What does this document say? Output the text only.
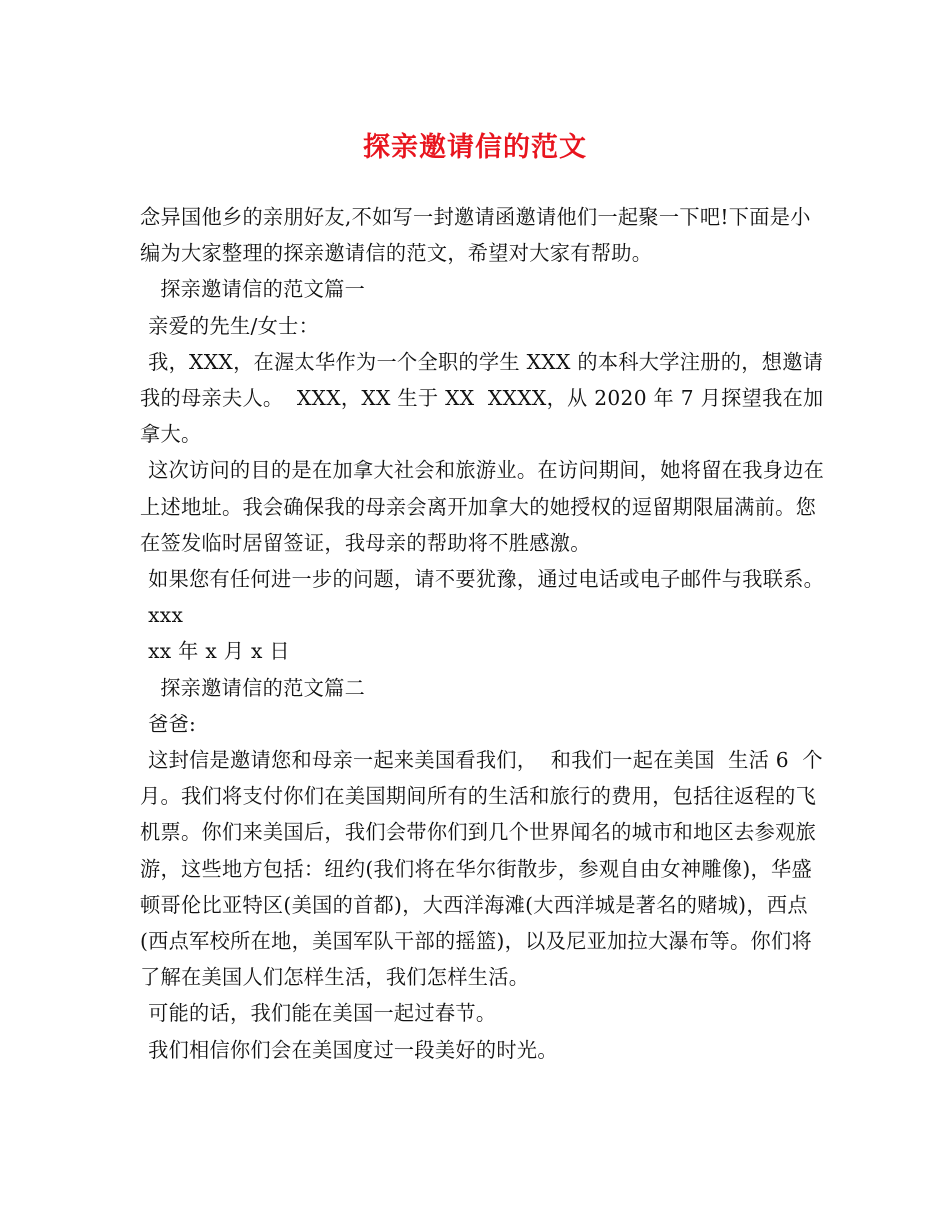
探亲邀请信的范文

念异国他乡的亲朋好友,不如写一封邀请函邀请他们一起聚一下吧!下面是小编为大家整理的探亲邀请信的范文，希望对大家有帮助。

探亲邀请信的范文篇一

亲爱的先生/女士：

我，XXX，在渥太华作为一个全职的学生 XXX 的本科大学注册的，想邀请我的母亲夫人。  XXX，XX 生于 XX  XXXX，从 2020 年 7 月探望我在加拿大。

这次访问的目的是在加拿大社会和旅游业。在访问期间，她将留在我身边在上述地址。我会确保我的母亲会离开加拿大的她授权的逗留期限届满前。您在签发临时居留签证，我母亲的帮助将不胜感激。

如果您有任何进一步的问题，请不要犹豫，通过电话或电子邮件与我联系。

xxx

xx 年 x 月 x 日

探亲邀请信的范文篇二

爸爸:

这封信是邀请您和母亲一起来美国看我们，  和我们一起在美国  生活 6  个月。我们将支付你们在美国期间所有的生活和旅行的费用，包括往返程的飞机票。你们来美国后，我们会带你们到几个世界闻名的城市和地区去参观旅游，这些地方包括：纽约(我们将在华尔街散步，参观自由女神雕像)，华盛顿哥伦比亚特区(美国的首都)，大西洋海滩(大西洋城是著名的赌城)，西点(西点军校所在地，美国军队干部的摇篮)，以及尼亚加拉大瀑布等。你们将了解在美国人们怎样生活，我们怎样生活。

可能的话，我们能在美国一起过春节。

我们相信你们会在美国度过一段美好的时光。
